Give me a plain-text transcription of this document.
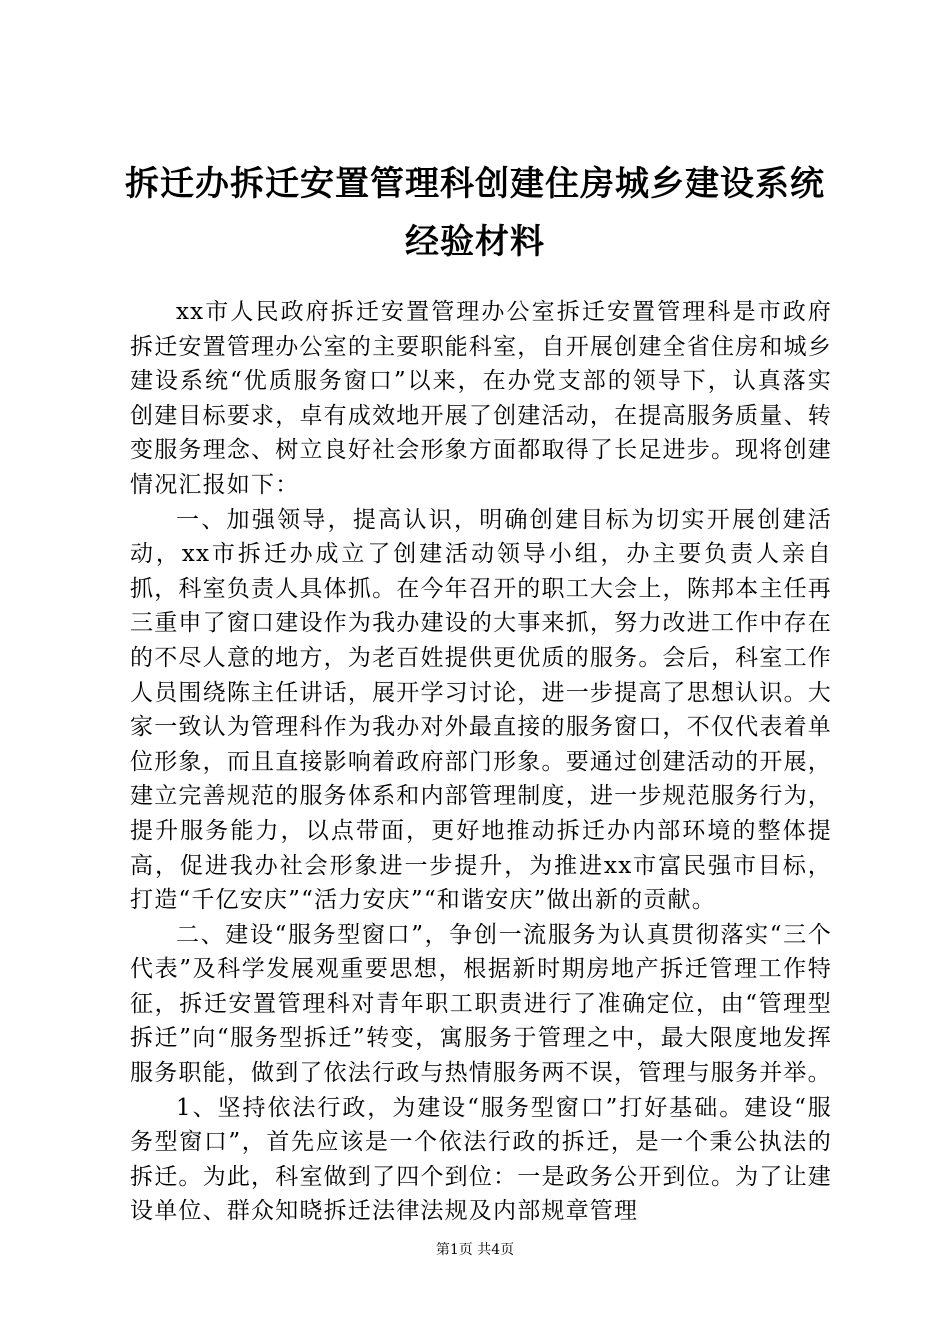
拆迁办拆迁安置管理科创建住房城乡建设系统
经验材料

xx市人民政府拆迁安置管理办公室拆迁安置管理科是市政府拆迁安置管理办公室的主要职能科室，自开展创建全省住房和城乡建设系统“优质服务窗口”以来，在办党支部的领导下，认真落实创建目标要求，卓有成效地开展了创建活动，在提高服务质量、转变服务理念、树立良好社会形象方面都取得了长足进步。现将创建情况汇报如下：

一、加强领导，提高认识，明确创建目标为切实开展创建活动，xx市拆迁办成立了创建活动领导小组，办主要负责人亲自抓，科室负责人具体抓。在今年召开的职工大会上，陈邦本主任再三重申了窗口建设作为我办建设的大事来抓，努力改进工作中存在的不尽人意的地方，为老百姓提供更优质的服务。会后，科室工作人员围绕陈主任讲话，展开学习讨论，进一步提高了思想认识。大家一致认为管理科作为我办对外最直接的服务窗口，不仅代表着单位形象，而且直接影响着政府部门形象。要通过创建活动的开展，建立完善规范的服务体系和内部管理制度，进一步规范服务行为，提升服务能力，以点带面，更好地推动拆迁办内部环境的整体提高，促进我办社会形象进一步提升，为推进xx市富民强市目标，打造“千亿安庆”“活力安庆”“和谐安庆”做出新的贡献。

二、建设“服务型窗口”，争创一流服务为认真贯彻落实“三个代表”及科学发展观重要思想，根据新时期房地产拆迁管理工作特征，拆迁安置管理科对青年职工职责进行了准确定位，由“管理型拆迁”向“服务型拆迁”转变，寓服务于管理之中，最大限度地发挥服务职能，做到了依法行政与热情服务两不误，管理与服务并举。

1、坚持依法行政，为建设“服务型窗口”打好基础。建设“服务型窗口”，首先应该是一个依法行政的拆迁，是一个秉公执法的拆迁。为此，科室做到了四个到位：一是政务公开到位。为了让建设单位、群众知晓拆迁法律法规及内部规章管理

第1页 共4页
